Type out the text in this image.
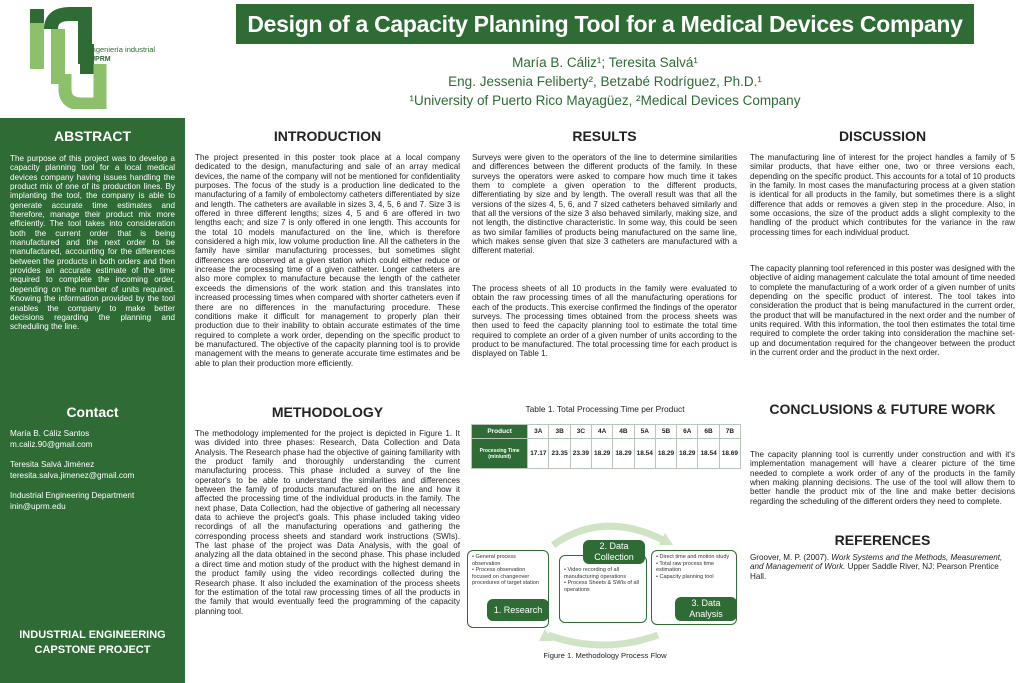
ingeniería industrial
UPRM
Design of a Capacity Planning Tool for a Medical Devices Company
María B. Cáliz¹; Teresita Salvá¹
Eng. Jessenia Feliberty², Betzabé Rodríguez, Ph.D.¹
¹University of Puerto Rico Mayagüez, ²Medical Devices Company
ABSTRACT
The purpose of this project was to develop a capacity planning tool for a local medical devices company having issues handling the product mix of one of its production lines. By implanting the tool, the company is able to generate accurate time estimates and therefore, manage their product mix more efficiently. The tool takes into consideration both the current order that is being manufactured and the next order to be manufactured, accounting for the differences between the products in both orders and then provides an accurate estimate of the time required to complete the incoming order, depending on the number of units required. Knowing the information provided by the tool enables the company to make better decisions regarding the planning and scheduling the line.
Contact

María B. Cáliz Santos
m.caliz.90@gmail.com

Teresita Salvá Jiménez
teresita.salva.jimenez@gmail.com

Industrial Engineering Department
inin@uprm.edu

INDUSTRIAL ENGINEERING
CAPSTONE PROJECT
INTRODUCTION
The project presented in this poster took place at a local company dedicated to the design, manufacturing and sale of an array medical devices, the name of the company will not be mentioned for confidentiality purposes. The focus of the study is a production line dedicated to the manufacturing of a family of embolectomy catheters differentiated by size and length. The catheters are available in sizes 3, 4, 5, 6 and 7. Size 3 is offered in three different lengths; sizes 4, 5 and 6 are offered in two lengths each; and size 7 is only offered in one length. This accounts for the total 10 models manufactured on the line, which is therefore considered a high mix, low volume production line. All the catheters in the family have similar manufacturing processes, but sometimes slight differences are observed at a given station which could either reduce or increase the processing time of a given catheter. Longer catheters are also more complex to manufacture because the length of the catheter exceeds the dimensions of the work station and this translates into increased processing times when compared with shorter catheters even if there are no differences in the manufacturing procedure. These conditions make it difficult for management to properly plan their production due to their inability to obtain accurate estimates of the time required to complete a work order, depending on the specific product to be manufactured. The objective of the capacity planning tool is to provide management with the means to generate accurate time estimates and be able to plan their production more efficiently.
METHODOLOGY
The methodology implemented for the project is depicted in Figure 1. It was divided into three phases: Research, Data Collection and Data Analysis. The Research phase had the objective of gaining familiarity with the product family and thoroughly understanding the current manufacturing process. This phase included a survey of the line operator's to be able to understand the similarities and differences between the family of products manufactured on the line and how it affected the processing time of the individual products in the family. The next phase, Data Collection, had the objective of gathering all necessary data to achieve the project's goals. This phase included taking video recordings of all the manufacturing operations and gathering the corresponding process sheets and standard work instructions (SWIs). The last phase of the project was Data Analysis, with the goal of analyzing all the data obtained in the second phase. This phase included a direct time and motion study of the product with the highest demand in the product family using the video recordings collected during the Research phase. It also included the examination of the process sheets for the estimation of the total raw processing times of all the products in the family that would eventually feed the programming of the capacity planning tool.
RESULTS
Surveys were given to the operators of the line to determine similarities and differences between the different products of the family. In these surveys the operators were asked to compare how much time it takes them to complete a given operation to the different products, differentiating by size and by length. The overall result was that all the versions of the sizes 4, 5, 6, and 7 sized catheters behaved similarly and that all the versions of the size 3 also behaved similarly, making size, and not length, the distinctive characteristic. In some way, this could be seen as two similar families of products being manufactured on the same line, which makes sense given that size 3 catheters are manufactured with a different material.
The process sheets of all 10 products in the family were evaluated to obtain the raw processing times of all the manufacturing operations for each of the products. This exercise confirmed the findings of the operator surveys. The processing times obtained from the process sheets was then used to feed the capacity planning tool to estimate the total time required to complete an order of a given number of units according to the product to be manufactured. The total processing time for each product is displayed on Table 1.
Table 1. Total Processing Time per Product
Product	3A	3B	3C	4A	4B	5A	5B	6A	6B	7B
Processing Time (min/unit)	17.17	23.35	23.39	18.29	18.29	18.54	18.29	18.29	18.54	18.69
• General process observation
• Process observation focused on changeover procedures of target station
1. Research
• Video recording of all manufacturing operations
• Process Sheets & SWIs of all operations
2. Data Collection	• Direct time and motion study
• Total raw process time estimation
• Capacity planning tool
3. Data Analysis
Figure 1. Methodology Process Flow
DISCUSSION
The manufacturing line of interest for the project handles a family of 5 similar products, that have either one, two or three versions each, depending on the specific product. This accounts for a total of 10 products in the family. In most cases the manufacturing process at a given station is identical for all products in the family, but sometimes there is a slight difference that adds or removes a given step in the procedure. Also, in some occasions, the size of the product adds a slight complexity to the handling of the product which contributes for the variance in the raw processing times for each individual product.
The capacity planning tool referenced in this poster was designed with the objective of aiding management calculate the total amount of time needed to complete the manufacturing of a work order of a given number of units depending on the specific product of interest. The tool takes into consideration the product that is being manufactured in the current order, the product that will be manufactured in the next order and the number of units required. With this information, the tool then estimates the total time required to complete the order taking into consideration the machine set-up and documentation required for the changeover between the product in the current order and the product in the next order.
CONCLUSIONS & FUTURE WORK
The capacity planning tool is currently under construction and with it's implementation management will have a clearer picture of the time needed to complete a work order of any of the products in the family when making planning decisions. The use of the tool will allow them to better handle the product mix of the line and make better decisions regarding the scheduling of the different orders they need to complete.
REFERENCES
Groover, M. P. (2007). Work Systems and the Methods, Measurement, and Management of Work. Upper Saddle River, NJ: Pearson Prentice Hall.
